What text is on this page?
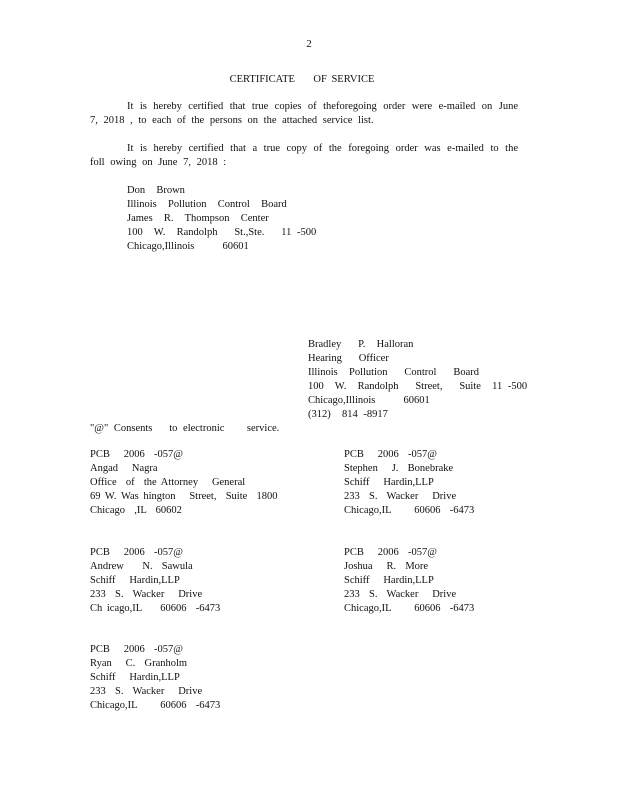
2
CERTIFICATE    OF SERVICE
It is hereby certified that true copies of theforegoing order were e-mailed on June 7, 2018 , to each of the persons on the attached service list.
It is hereby certified that a true copy of the foregoing order was e-mailed to the foll owing on June 7, 2018 :
Don  Brown
Illinois  Pollution  Control  Board
James  R.  Thompson  Center
100  W.  Randolph   St.,Ste.   11 -500
Chicago,Illinois     60601
Bradley   P.  Halloran
Hearing   Officer
Illinois  Pollution   Control   Board
100  W.  Randolph   Street,   Suite  11 -500
Chicago,Illinois     60601
(312)  814 -8917
"@" Consents   to electronic    service.
PCB   2006  -057@
Angad   Nagra
Office  of  the Attorney   General
69 W. Was hington   Street,  Suite  1800
Chicago  ,IL  60602
PCB   2006  -057@
Stephen   J.  Bonebrake
Schiff   Hardin,LLP
233  S.  Wacker   Drive
Chicago,IL     60606  -6473
PCB   2006  -057@
Andrew    N.  Sawula
Schiff   Hardin,LLP
233  S.  Wacker   Drive
Ch icago,IL    60606  -6473
PCB   2006  -057@
Joshua   R.  More
Schiff   Hardin,LLP
233  S.  Wacker   Drive
Chicago,IL     60606  -6473
PCB   2006  -057@
Ryan   C.  Granholm
Schiff   Hardin,LLP
233  S.  Wacker   Drive
Chicago,IL     60606  -6473
